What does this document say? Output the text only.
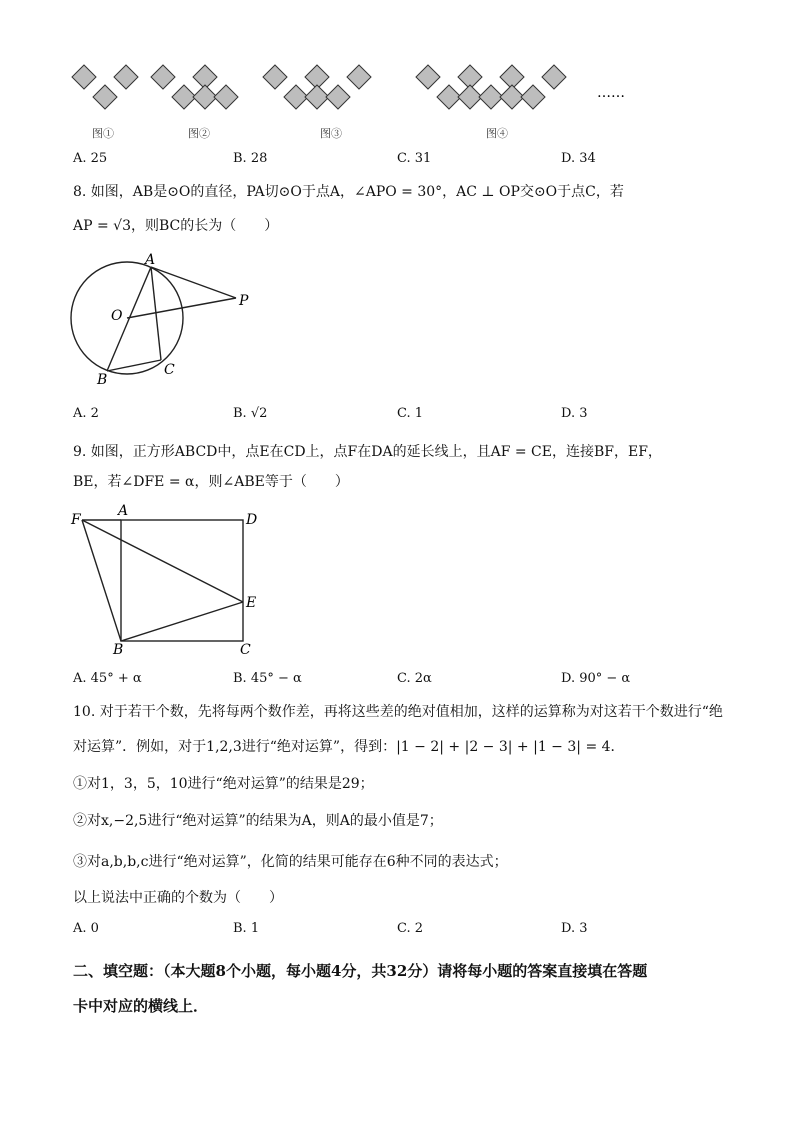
……
图①	图②	图③	图④
A. 25	B. 28	C. 31	D. 34
8. 如图，AB是⊙O的直径，PA切⊙O于点A，∠APO = 30°，AC ⊥ OP交⊙O于点C，若
AP = √3，则BC的长为（　　）
A
O
P
B
C
A. 2	B. √2	C. 1	D. 3
9. 如图，正方形ABCD中，点E在CD上，点F在DA的延长线上，且AF = CE，连接BF，EF，
BE，若∠DFE = α，则∠ABE等于（　　）
F
A
D
E
B	C
A. 45° + α	B. 45° − α	C. 2α	D. 90° − α
10. 对于若干个数，先将每两个数作差，再将这些差的绝对值相加，这样的运算称为对这若干个数进行“绝
对运算”．例如，对于1,2,3进行“绝对运算”，得到：|1 − 2| + |2 − 3| + |1 − 3| = 4．
①对1，3，5，10进行“绝对运算”的结果是29；
②对x,−2,5进行“绝对运算”的结果为A，则A的最小值是7；
③对a,b,b,c进行“绝对运算”，化简的结果可能存在6种不同的表达式；
以上说法中正确的个数为（　　）
A. 0	B. 1	C. 2	D. 3
二、填空题：（本大题8个小题，每小题4分，共32分）请将每小题的答案直接填在答题
卡中对应的横线上．
